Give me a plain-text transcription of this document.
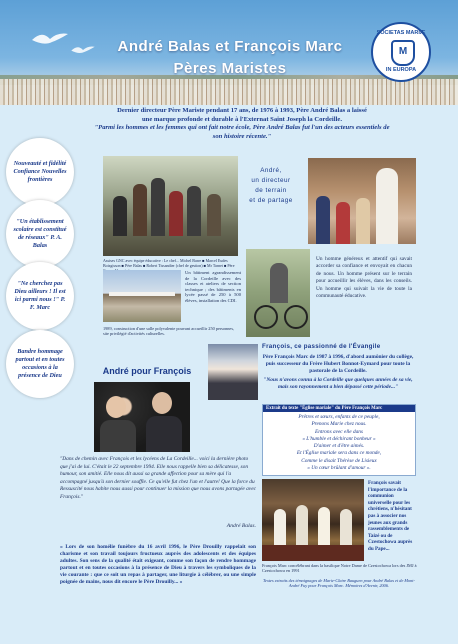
André Balas et François Marc
Pères Maristes
SOCIETAS MARIÆ
M
IN EUROPA
Dernier directeur Père Mariste pendant 17 ans, de 1976 à 1993, Père André Balas a laissé
une marque profonde et durable à l'Externat Saint Joseph la Cordeille.
"Parmi les hommes et les femmes qui ont fait notre école, Père André Balas fut l'un des acteurs essentiels de son histoire récente."
Nouveauté et fidélité Confiance Nouvelles frontières
"Un établissement scolaire est constitué de réseaux" P. A. Balas
"Ne cherchez pas Dieu ailleurs ! Il est ici parmi nous !" P. F. Marc
Bandre hommage partout et en toutes occasions à la présence de Dieu
Assises GNC avec équipe éducative : Le chef... Michel Barre ■ Marcel Eudes Boisgisson ■ Père Balas ■ Robert Tissandier (chef de gestion) ■ Mr Tarnet ■ Père
André,
un directeur
de terrain
et de partage
Un homme généreux et attentif qui savait accorder sa confiance et envoyait en chacun de nous. Un homme présent sur le terrain pour accueillir les élèves, dans les conseils. Un homme qui suivait la vie de toute la communauté éducative.
Un bâtiment agrandissement de la Cordeille avec des classes et ateliers de section technique ; des bâtiments en lycée passé de 250 à 500 élèves, installation des CDI.
1989, construction d'une salle polyvalente pouvant accueillir 250 personnes, site privilégié d'activités culturelles.
François, ce passionné de l'Évangile
Père François Marc de 1987 à 1996, d'abord aumônier du collège, puis successeur du Frère Hubert Bonnot-Eymard pour toute la pastorale de la Cordeille.
"Nous n'avons connu à la Cordeille que quelques années de sa vie, mais son rayonnement a bien dépassé cette période..."
André pour François
Extrait du texte "Église mariale" du Père François Marc
Prêtres et sœurs, enfants de ce peuple,
Prenons Marie chez nous.
Entrons avec elle dans
« L'humble et déchirant bonheur »
D'aimer et d'être aimés.
Et l'Église mariale sera dans ce monde,
Comme le disait Thérèse de Lisieux
« Un cœur brûlant d'amour ».
"Dans de chemin avec François et les lycéens de La Cordeille... voici la dernière photo que j'ai de lui. C'était le 22 septembre 1994. Elle nous rappelle bien sa délicatesse, son humour, son amitié. Elle nous dit aussi sa grande affection pour sa mère qui l'a accompagné jusqu'à son dernier souffle. Ce qu'elle fut chez l'un et l'autre! Que la force du Ressuscité nous habite nous aussi pour continuer la mission que nous avons partagée avec François."
André Balas.
François savait l'importance de la communion universelle pour les chrétiens, n'hésitant pas à associer nos jeunes aux grands rassemblements de Taizé ou de Czestochowa auprès du Pape...
François Marc concélébrant dans la basilique Notre Dame de Czestochowa lors des JMJ à Czestochowa en 1991
« Lors de son homélie funèbre du 16 avril 1996, le Père Drouilly rappelait son charisme et son travail toujours fructueux auprès des adolescents et des équipes adultes. Son sens de la qualité était exigeant, comme son façon de rendre hommage partout et en toutes occasions à la présence de Dieu à travers les symboliques de la vie courante : que ce soit un repas à partager, une liturgie à célébrer, ou une simple poignée de mains, nous dit encore le Père Drouilly... »	Textes extraits des témoignages de Marie-Claire Bauguen pour André Balas et de Mont-André Fuy pour François Marc. Mémoires d'Avenir, 2006.
